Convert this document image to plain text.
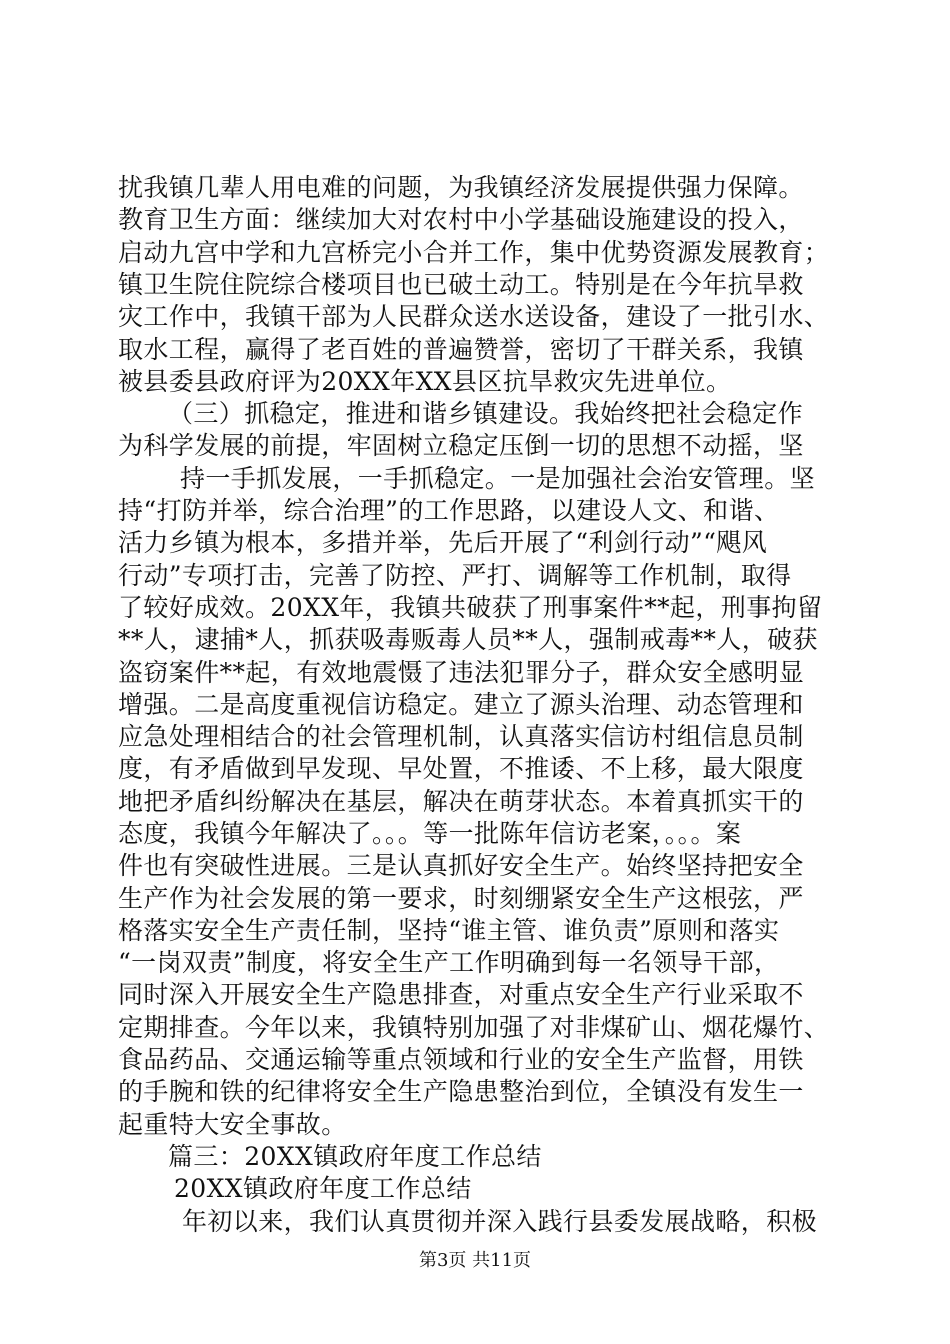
扰我镇几辈人用电难的问题，为我镇经济发展提供强力保障。
教育卫生方面：继续加大对农村中小学基础设施建设的投入，
启动九宫中学和九宫桥完小合并工作，集中优势资源发展教育；
镇卫生院住院综合楼项目也已破土动工。特别是在今年抗旱救
灾工作中，我镇干部为人民群众送水送设备，建设了一批引水、
取水工程，赢得了老百姓的普遍赞誉，密切了干群关系，我镇
被县委县政府评为20XX年XX县区抗旱救灾先进单位。
（三）抓稳定，推进和谐乡镇建设。我始终把社会稳定作
为科学发展的前提，牢固树立稳定压倒一切的思想不动摇，坚
持一手抓发展，一手抓稳定。一是加强社会治安管理。坚
持“打防并举，综合治理”的工作思路，以建设人文、和谐、
活力乡镇为根本，多措并举，先后开展了“利剑行动”“飓风
行动”专项打击，完善了防控、严打、调解等工作机制，取得
了较好成效。20XX年，我镇共破获了刑事案件**起，刑事拘留
**人，逮捕*人，抓获吸毒贩毒人员**人，强制戒毒**人，破获
盗窃案件**起，有效地震慑了违法犯罪分子，群众安全感明显
增强。二是高度重视信访稳定。建立了源头治理、动态管理和
应急处理相结合的社会管理机制，认真落实信访村组信息员制
度，有矛盾做到早发现、早处置，不推诿、不上移，最大限度
地把矛盾纠纷解决在基层，解决在萌芽状态。本着真抓实干的
态度，我镇今年解决了。。。等一批陈年信访老案，。。。案
件也有突破性进展。三是认真抓好安全生产。始终坚持把安全
生产作为社会发展的第一要求，时刻绷紧安全生产这根弦，严
格落实安全生产责任制，坚持“谁主管、谁负责”原则和落实
“一岗双责”制度，将安全生产工作明确到每一名领导干部，
同时深入开展安全生产隐患排查，对重点安全生产行业采取不
定期排查。今年以来，我镇特别加强了对非煤矿山、烟花爆竹、
食品药品、交通运输等重点领域和行业的安全生产监督，用铁
的手腕和铁的纪律将安全生产隐患整治到位，全镇没有发生一
起重特大安全事故。
篇三：20XX镇政府年度工作总结
20XX镇政府年度工作总结
年初以来，我们认真贯彻并深入践行县委发展战略，积极
第3页 共11页
